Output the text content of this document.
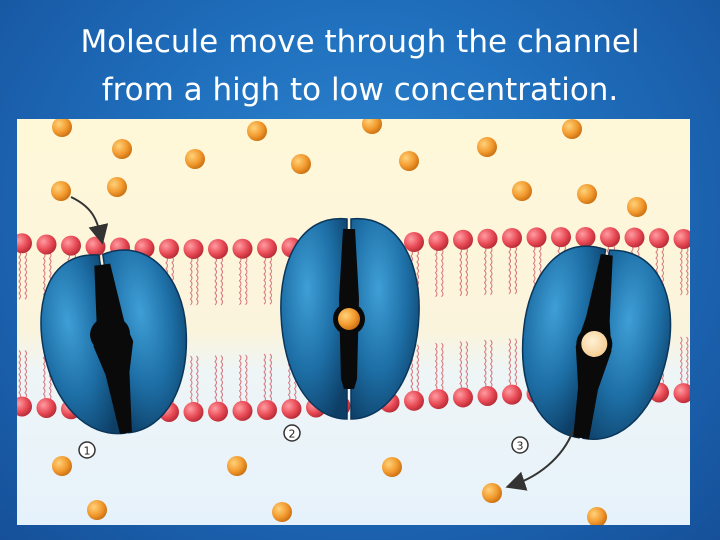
Molecule move through the channel
from a high to low concentration.
1
2
3
